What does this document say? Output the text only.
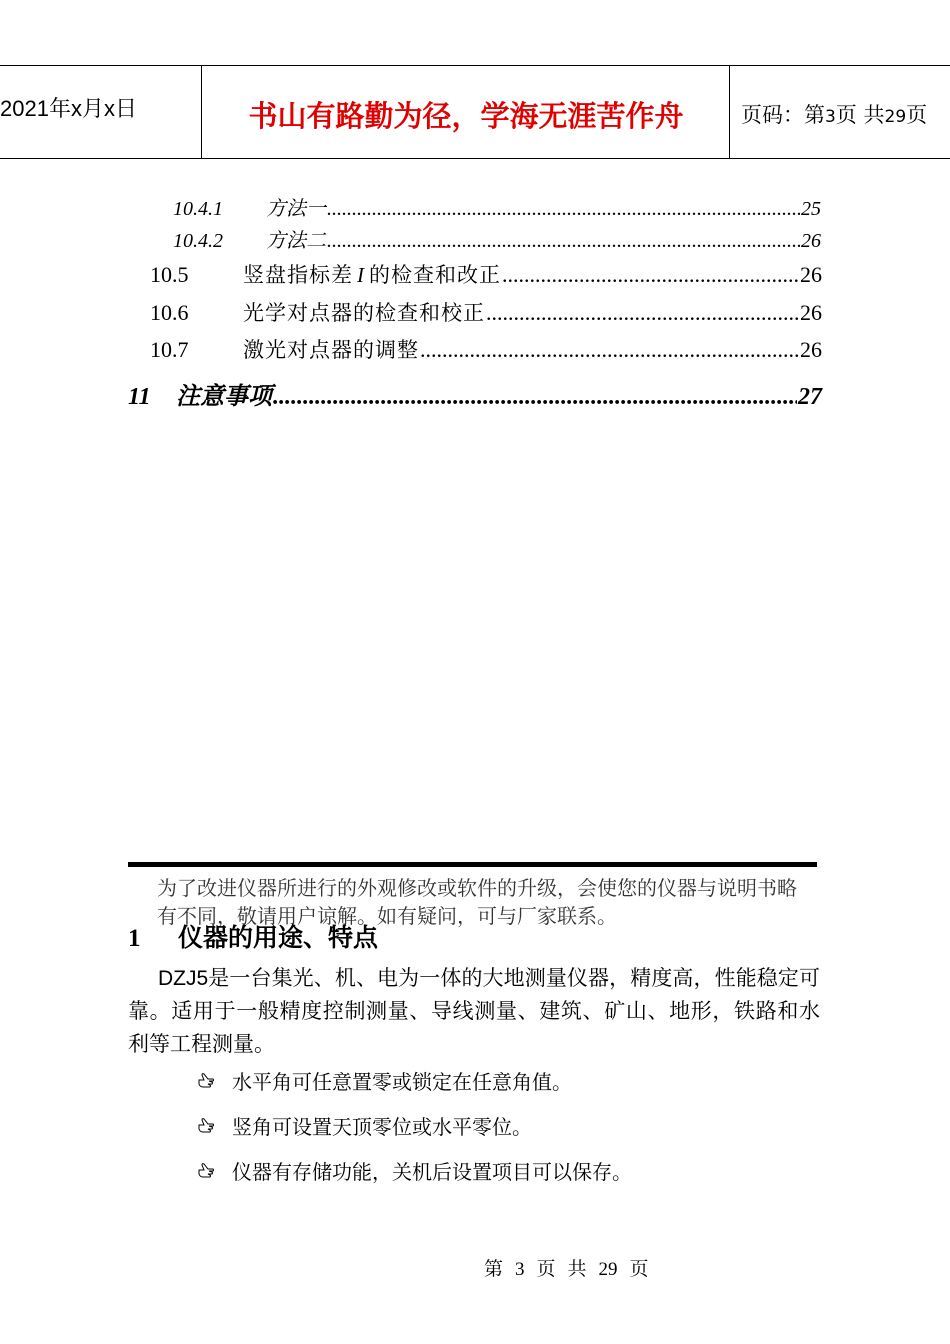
2021年x月x日	书山有路勤为径，学海无涯苦作舟	页码：第3页 共29页
10.4.1	方法一 .....	25
10.4.2	方法二 .....	26
10.5	竖盘指标差 I 的检查和改正 .....	26
10.6	光学对点器的检查和校正 .....	26
10.7	激光对点器的调整 .....	26
11	注意事项 .....	27
为了改进仪器所进行的外观修改或软件的升级，会使您的仪器与说明书略有不同，敬请用户谅解。如有疑问，可与厂家联系。
1 仪器的用途、特点
DZJ5是一台集光、机、电为一体的大地测量仪器，精度高，性能稳定可靠。适用于一般精度控制测量、导线测量、建筑、矿山、地形，铁路和水利等工程测量。
水平角可任意置零或锁定在任意角值。
竖角可设置天顶零位或水平零位。
仪器有存储功能，关机后设置项目可以保存。
第 3 页 共 29 页
